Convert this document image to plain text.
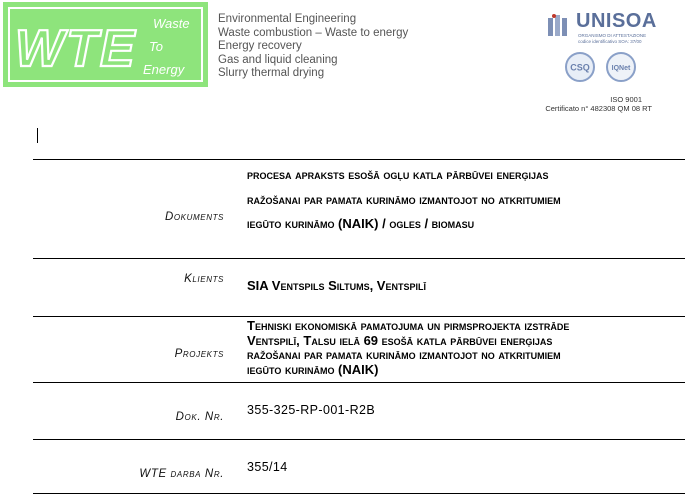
WTE Waste
To
Energy
Environmental Engineering
Waste combustion – Waste to energy
Energy recovery
Gas and liquid cleaning
Slurry thermal drying
UNISOA
ORGANISMO DI ATTESTAZIONE
codice identificativo SOA: 37/00
CSQ	IQNet
ISO 9001
Certificato n° 482308 QM 08 RT
Dokuments
procesa apraksts esošā ogļu katla pārbūvei enerģijas
ražošanai par pamata kurināmo izmantojot no atkritumiem
iegūto kurināmo (NAIK) / ogles / biomasu
Klients SIA Ventspils Siltums, Ventspilī
Projekts
Tehniski ekonomiskā pamatojuma un pirmsprojekta izstrāde
Ventspilī, Talsu ielā 69 esošā katla pārbūvei enerģijas
ražošanai par pamata kurināmo izmantojot no atkritumiem
iegūto kurināmo (NAIK)
Dok. Nr. 355-325-RP-001-R2B
WTE darba Nr. 355/14
